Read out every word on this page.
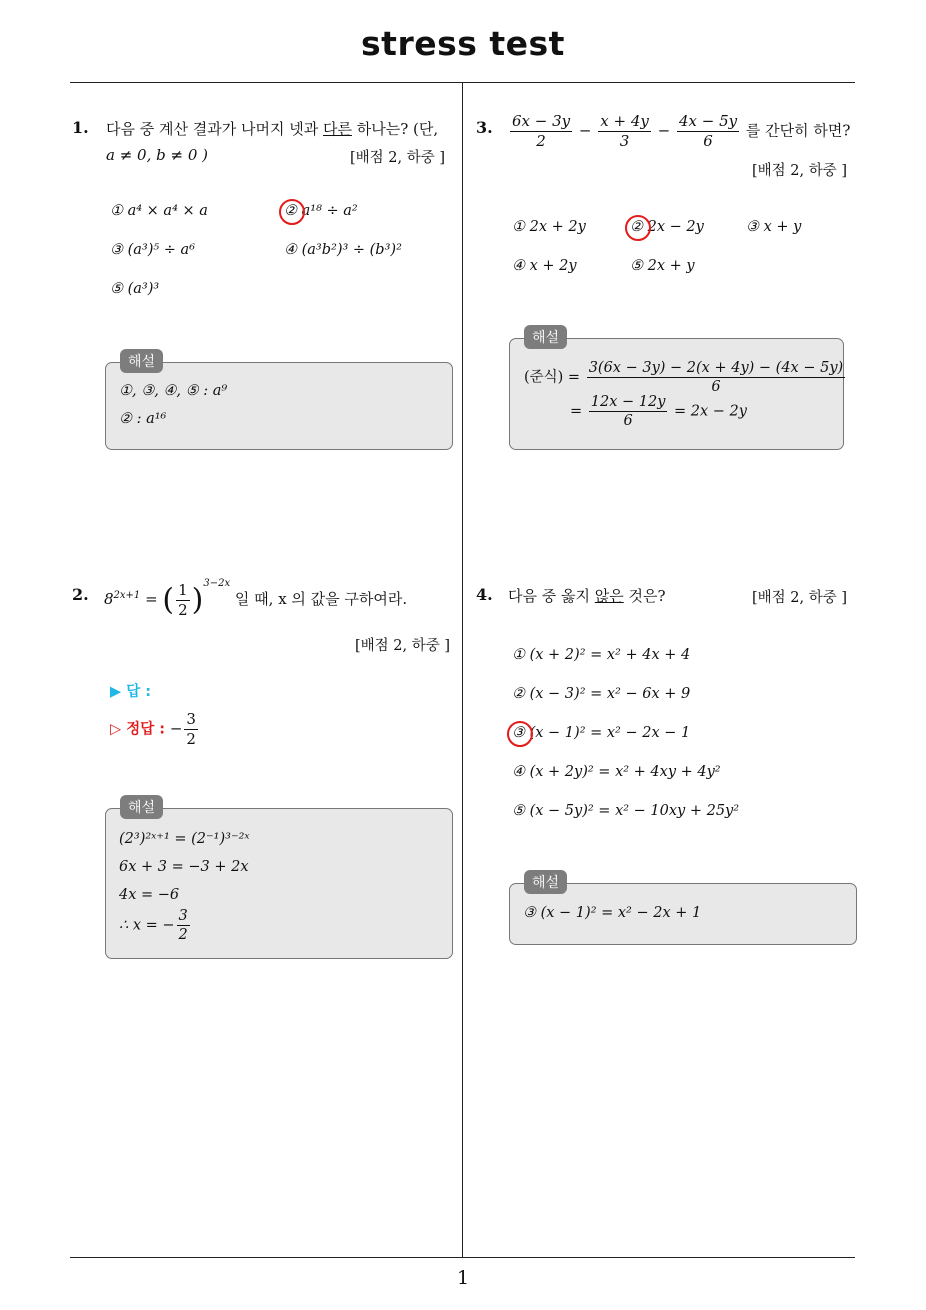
stress test
1. 다음 중 계산 결과가 나머지 넷과 다른 하나는? (단,
a ≠ 0, b ≠ 0 )	[배점 2, 하중 ]
① a⁴ × a⁴ × a	② a¹⁸ ÷ a²
③ (a³)⁵ ÷ a⁶	④ (a³b²)³ ÷ (b³)²
⑤ (a³)³
①, ③, ④, ⑤ : a⁹
② : a¹⁶
해설
2. $8^{2x+1}$ = ( $\frac{1}{2} )^{3-2x}$ 일 때, x 의 값을 구하여라.
[배점 2, 하중 ]
▶ 답 :
▷ 정답 : − $\frac{3}{2}$
(2³)²ˣ⁺¹ = (2⁻¹)³⁻²ˣ
6x + 3 = −3 + 2x
4x = −6
∴ x = − $\frac{3}{2}$
해설
3. $\frac{6x - 3y}{2} - \frac{x + 4y}{3} - \frac{4x - 5y}{6}$ 를 간단히 하면?
[배점 2, 하중 ]
① 2x + 2y	② 2x − 2y	③ x + y
④ x + 2y	⑤ 2x + y
(준식) = $\frac{3(6x - 3y) - 2(x + 4y) - (4x - 5y)}{6}$
= $\frac{12x - 12y}{6} = 2x - 2y$
해설
4. 다음 중 옳지 않은 것은?	[배점 2, 하중 ]
① (x + 2)² = x² + 4x + 4
② (x − 3)² = x² − 6x + 9
③ (x − 1)² = x² − 2x − 1
④ (x + 2y)² = x² + 4xy + 4y²
⑤ (x − 5y)² = x² − 10xy + 25y²
③ (x − 1)² = x² − 2x + 1
해설
1
